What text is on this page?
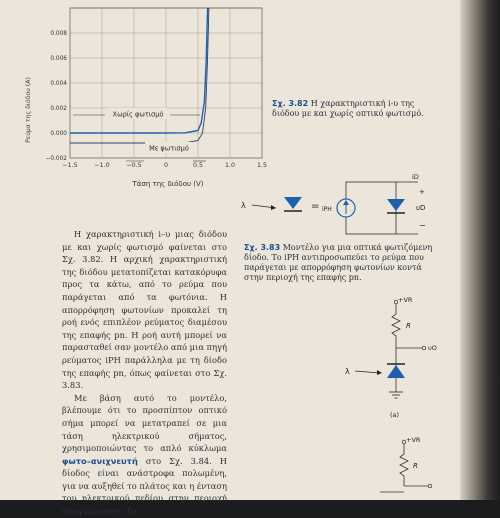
−1.5	−1.0	−0.5	0	0.5	1.0	1.5
0.008
0.006
0.004
0.002
0.000
−0.002
Ρεύμα της διόδου (A)
Τάση της διόδου (V)
Χωρίς φωτισμό
Με φωτισμό
Σχ. 3.82 Η χαρακτηριστική i-υ της διόδου με και χωρίς οπτικό φωτισμό.
λ	= iPH
iD
+
υD
−
Σχ. 3.83 Μοντέλο για μια οπτικά φωτιζόμενη δίοδο. Το iPH αντιπροσωπεύει το ρεύμα που παράγεται με απορρόφηση φωτονίων κοντά στην περιοχή της επαφής pn.
+VR
R
υO
λ
(a)
+VR
R

Η χαρακτηριστική i–υ μιας διόδου με και χωρίς φωτισμό φαίνεται στο Σχ. 3.82. Η αρχική χαρακτηριστική της διόδου μετατοπίζεται κατακόρυφα προς τα κάτω, από το ρεύμα που παράγεται από τα φωτόνια. Η απορρόφηση φωτονίων προκαλεί τη ροή ενός επιπλέον ρεύματος διαμέσου της επαφής pn. Η ροή αυτή μπορεί να παρασταθεί σαν μοντέλο από μια πηγή ρεύματος iPH παράλληλα με τη δίοδο της επαφής pn, όπως φαίνεται στο Σχ. 3.83.

Με βάση αυτό το μοντέλο, βλέπουμε ότι το προσπίπτον οπτικό σήμα μπορεί να μετατραπεί σε μια τάση ηλεκτρικού σήματος, χρησιμοποιώντας το απλό κύκλωμα φωτο–ανιχνευτή στο Σχ. 3.84. Η δίοδος είναι ανάστροφα πολωμένη, για να αυξηθεί το πλάτος και η ένταση του ηλεκτρικού πεδίου στην περιοχή απογύμνωσης. Το
